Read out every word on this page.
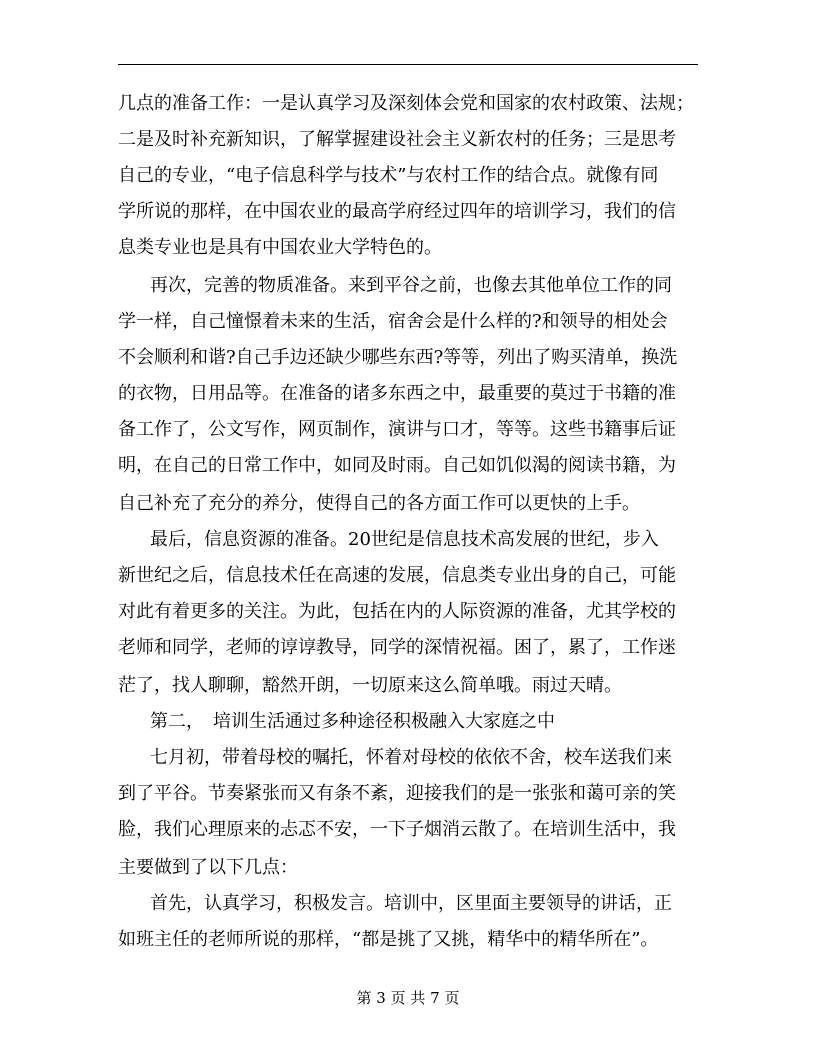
几点的准备工作：一是认真学习及深刻体会党和国家的农村政策、法规；
二是及时补充新知识，了解掌握建设社会主义新农村的任务；三是思考
自己的专业，“电子信息科学与技术”与农村工作的结合点。就像有同
学所说的那样，在中国农业的最高学府经过四年的培训学习，我们的信
息类专业也是具有中国农业大学特色的。
再次，完善的物质准备。来到平谷之前，也像去其他单位工作的同
学一样，自己憧憬着未来的生活，宿舍会是什么样的?和领导的相处会
不会顺利和谐?自己手边还缺少哪些东西?等等，列出了购买清单，换洗
的衣物，日用品等。在准备的诸多东西之中，最重要的莫过于书籍的准
备工作了，公文写作，网页制作，演讲与口才，等等。这些书籍事后证
明，在自己的日常工作中，如同及时雨。自己如饥似渴的阅读书籍，为
自己补充了充分的养分，使得自己的各方面工作可以更快的上手。
最后，信息资源的准备。20世纪是信息技术高发展的世纪，步入
新世纪之后，信息技术任在高速的发展，信息类专业出身的自己，可能
对此有着更多的关注。为此，包括在内的人际资源的准备，尤其学校的
老师和同学，老师的谆谆教导，同学的深情祝福。困了，累了，工作迷
茫了，找人聊聊，豁然开朗，一切原来这么简单哦。雨过天晴。
第二，　培训生活通过多种途径积极融入大家庭之中
七月初，带着母校的嘱托，怀着对母校的依依不舍，校车送我们来
到了平谷。节奏紧张而又有条不紊，迎接我们的是一张张和蔼可亲的笑
脸，我们心理原来的忐忑不安，一下子烟消云散了。在培训生活中，我
主要做到了以下几点：
首先，认真学习，积极发言。培训中，区里面主要领导的讲话，正
如班主任的老师所说的那样，“都是挑了又挑，精华中的精华所在”。
第 3 页 共 7 页
